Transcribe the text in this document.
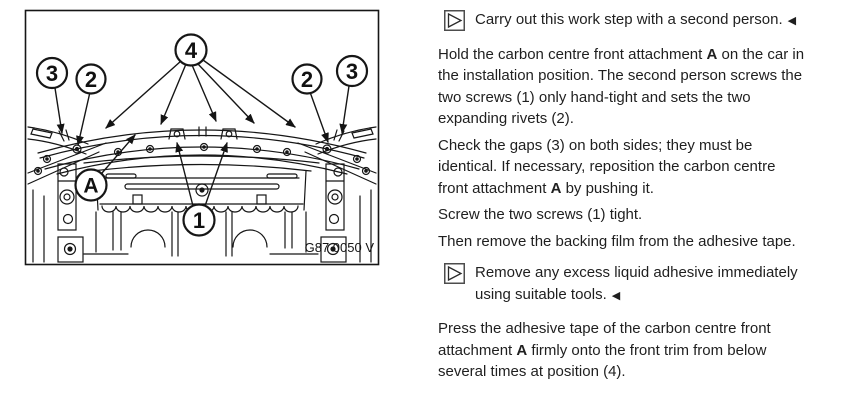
3 2
4
2 3
A
1
G87 0050 V

Carry out this work step with a second person. ◀

Hold the carbon centre front attachment A on the car in the installation position. The second person screws the two screws (1) only hand-tight and sets the two expanding rivets (2).

Check the gaps (3) on both sides; they must be identical. If necessary, reposition the carbon centre front attachment A by pushing it.

Screw the two screws (1) tight.

Then remove the backing film from the adhesive tape.

Remove any excess liquid adhesive immediately using suitable tools. ◀

Press the adhesive tape of the carbon centre front attachment A firmly onto the front trim from below several times at position (4).
